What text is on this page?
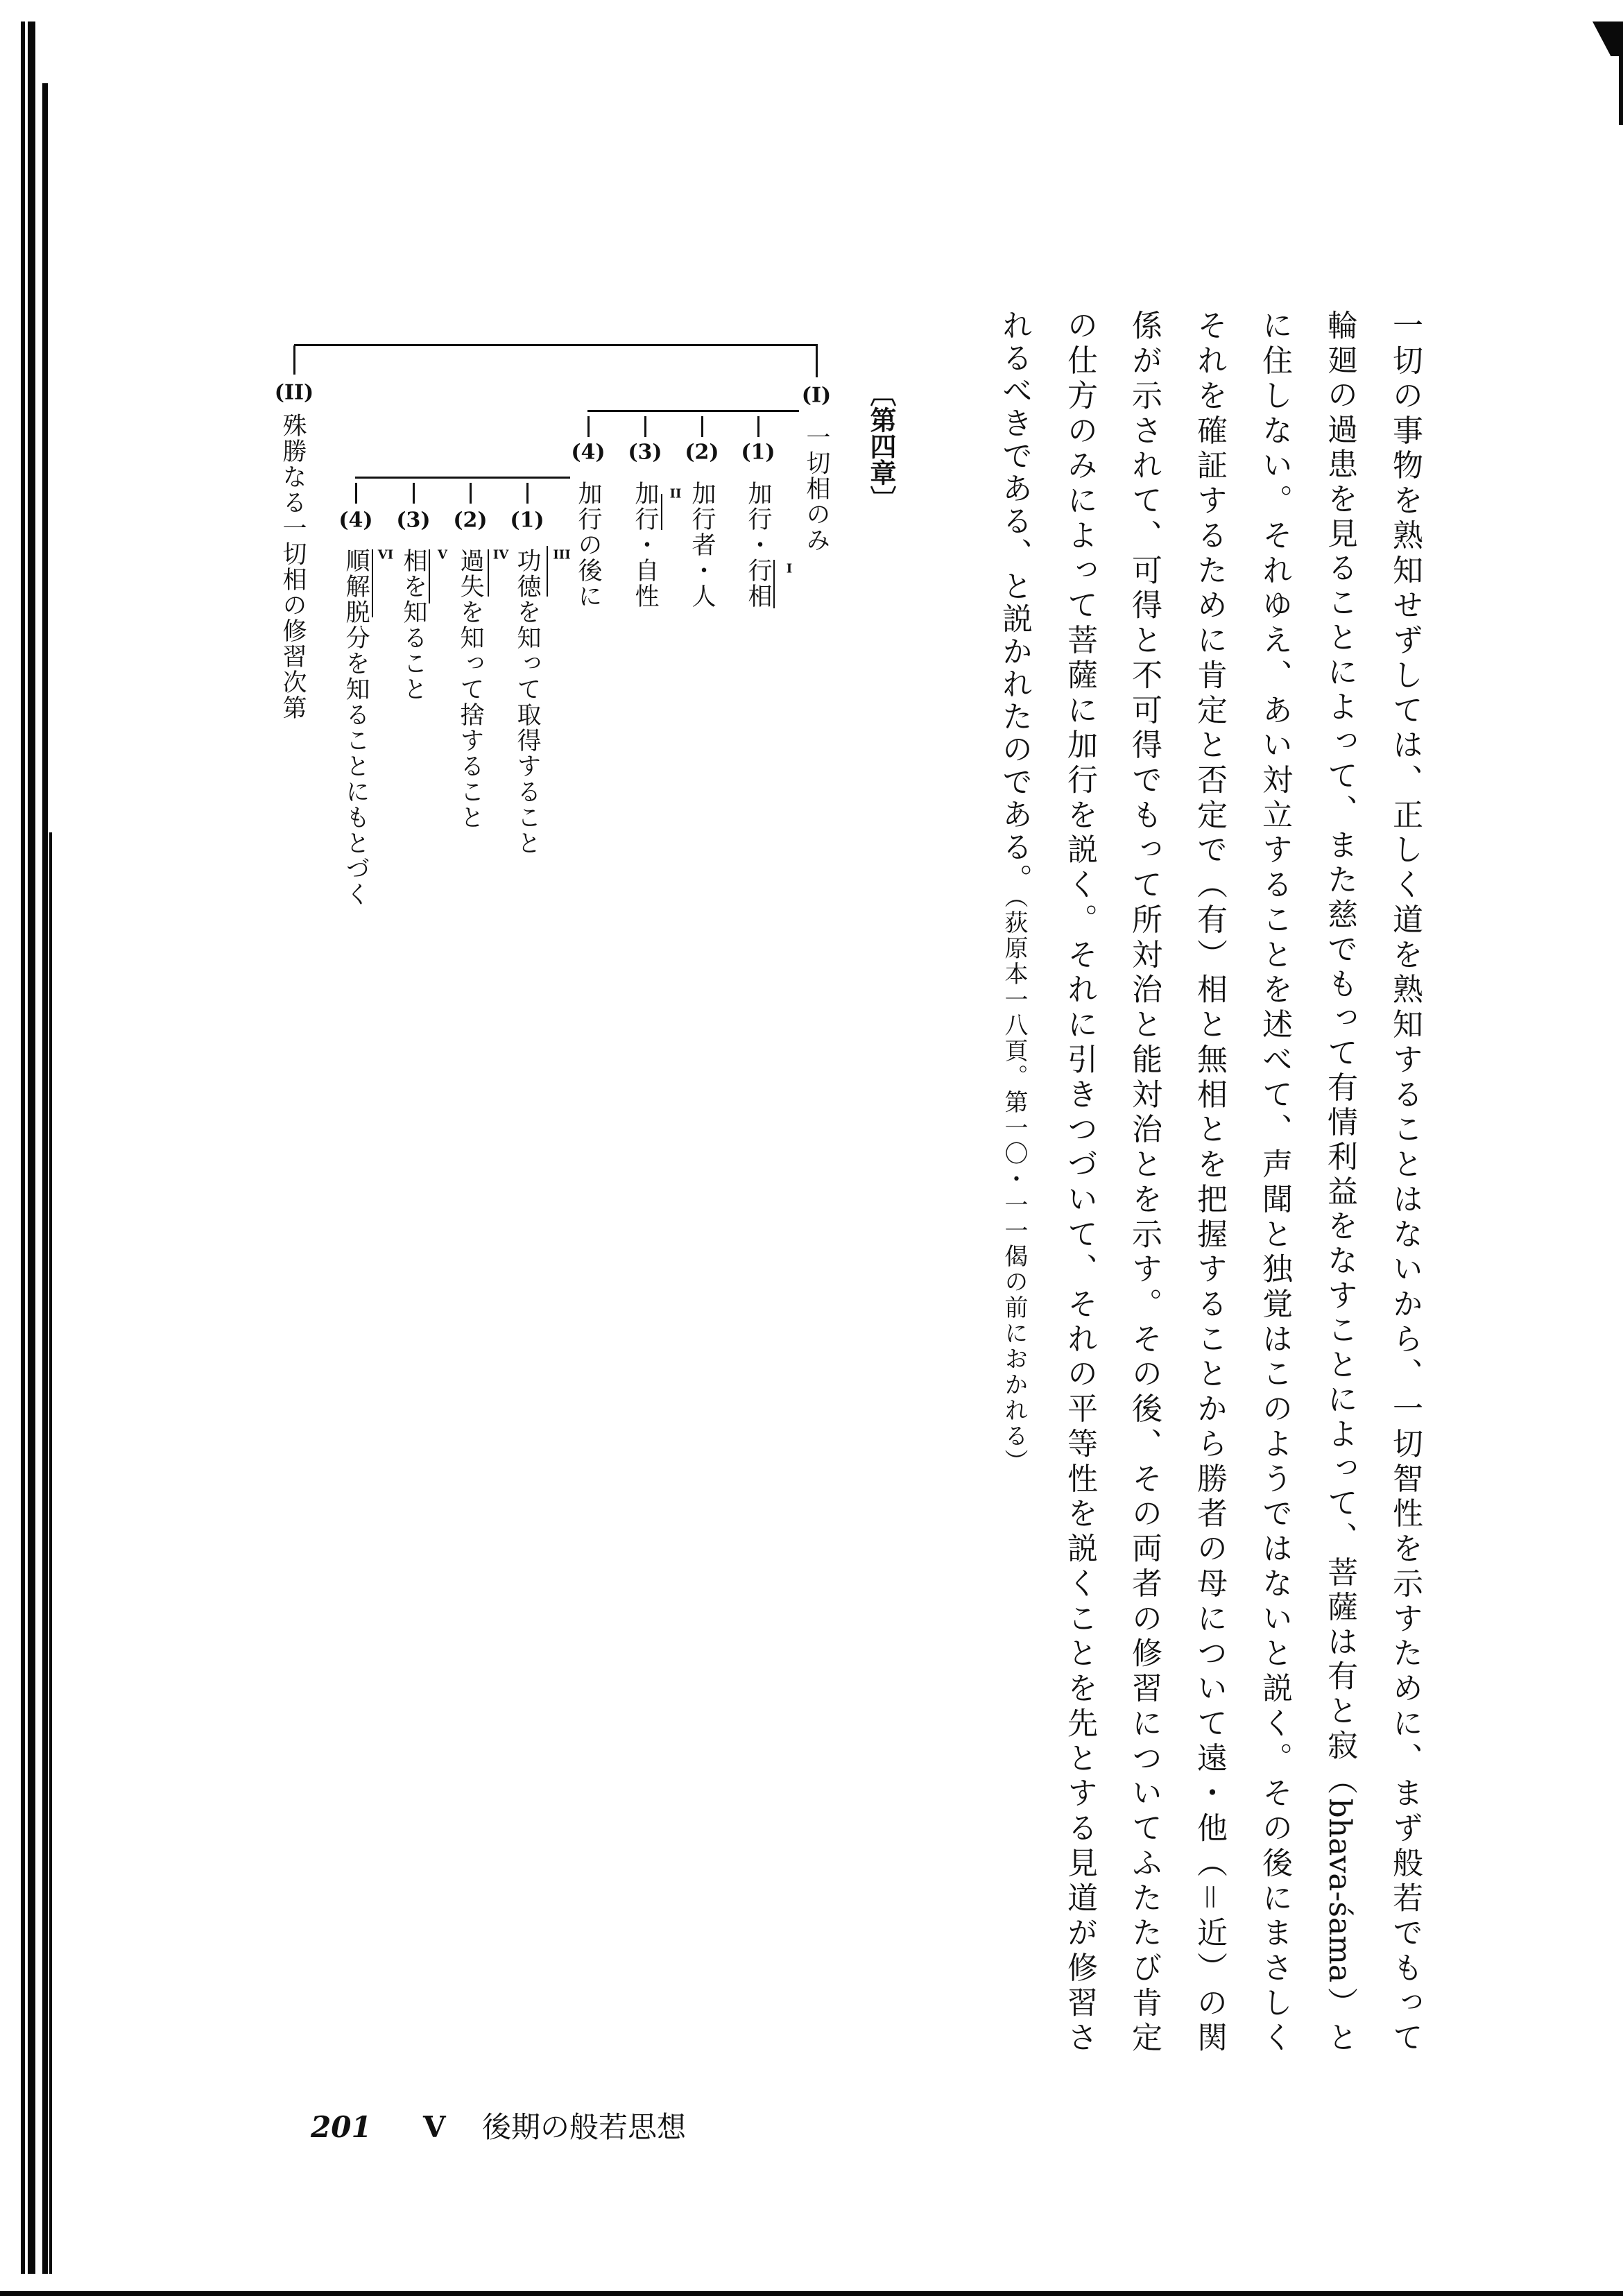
一切の事物を熟知せずしては、正しく道を熟知することはないから、一切智性を示すために、まず般若でもって
輪廻の過患を見ることによって、また慈でもって有情利益をなすことによって、菩薩は有と寂（bhava-śama）と
に住しない。それゆえ、あい対立することを述べて、声聞と独覚はこのようではないと説く。その後にまさしく
それを確証するために肯定と否定で（有）相と無相とを把握することから勝者の母について遠・他（＝近）の関
係が示されて、可得と不可得でもって所対治と能対治とを示す。その後、その両者の修習についてふたたび肯定
の仕方のみによって菩薩に加行を説く。それに引きつづいて、それの平等性を説くことを先とする見道が修習さ
れるべきである、と説かれたのである。（荻原本一八頁。第一〇・一一偈の前におかれる）
〔第四章〕
(I)
(II)
一切相のみ
殊勝なる一切相の修習次第	(1)
(2)
(3)
(4)
加行・行相
加行者・人
加行・自性
加行の後に	I
II
(1)
(2)
(3)
(4)
功徳を知って取得すること
過失を知って捨すること
相を知ること
順解脱分を知ることにもとづく	III
IV
V
VI
201 V 後期の般若思想
